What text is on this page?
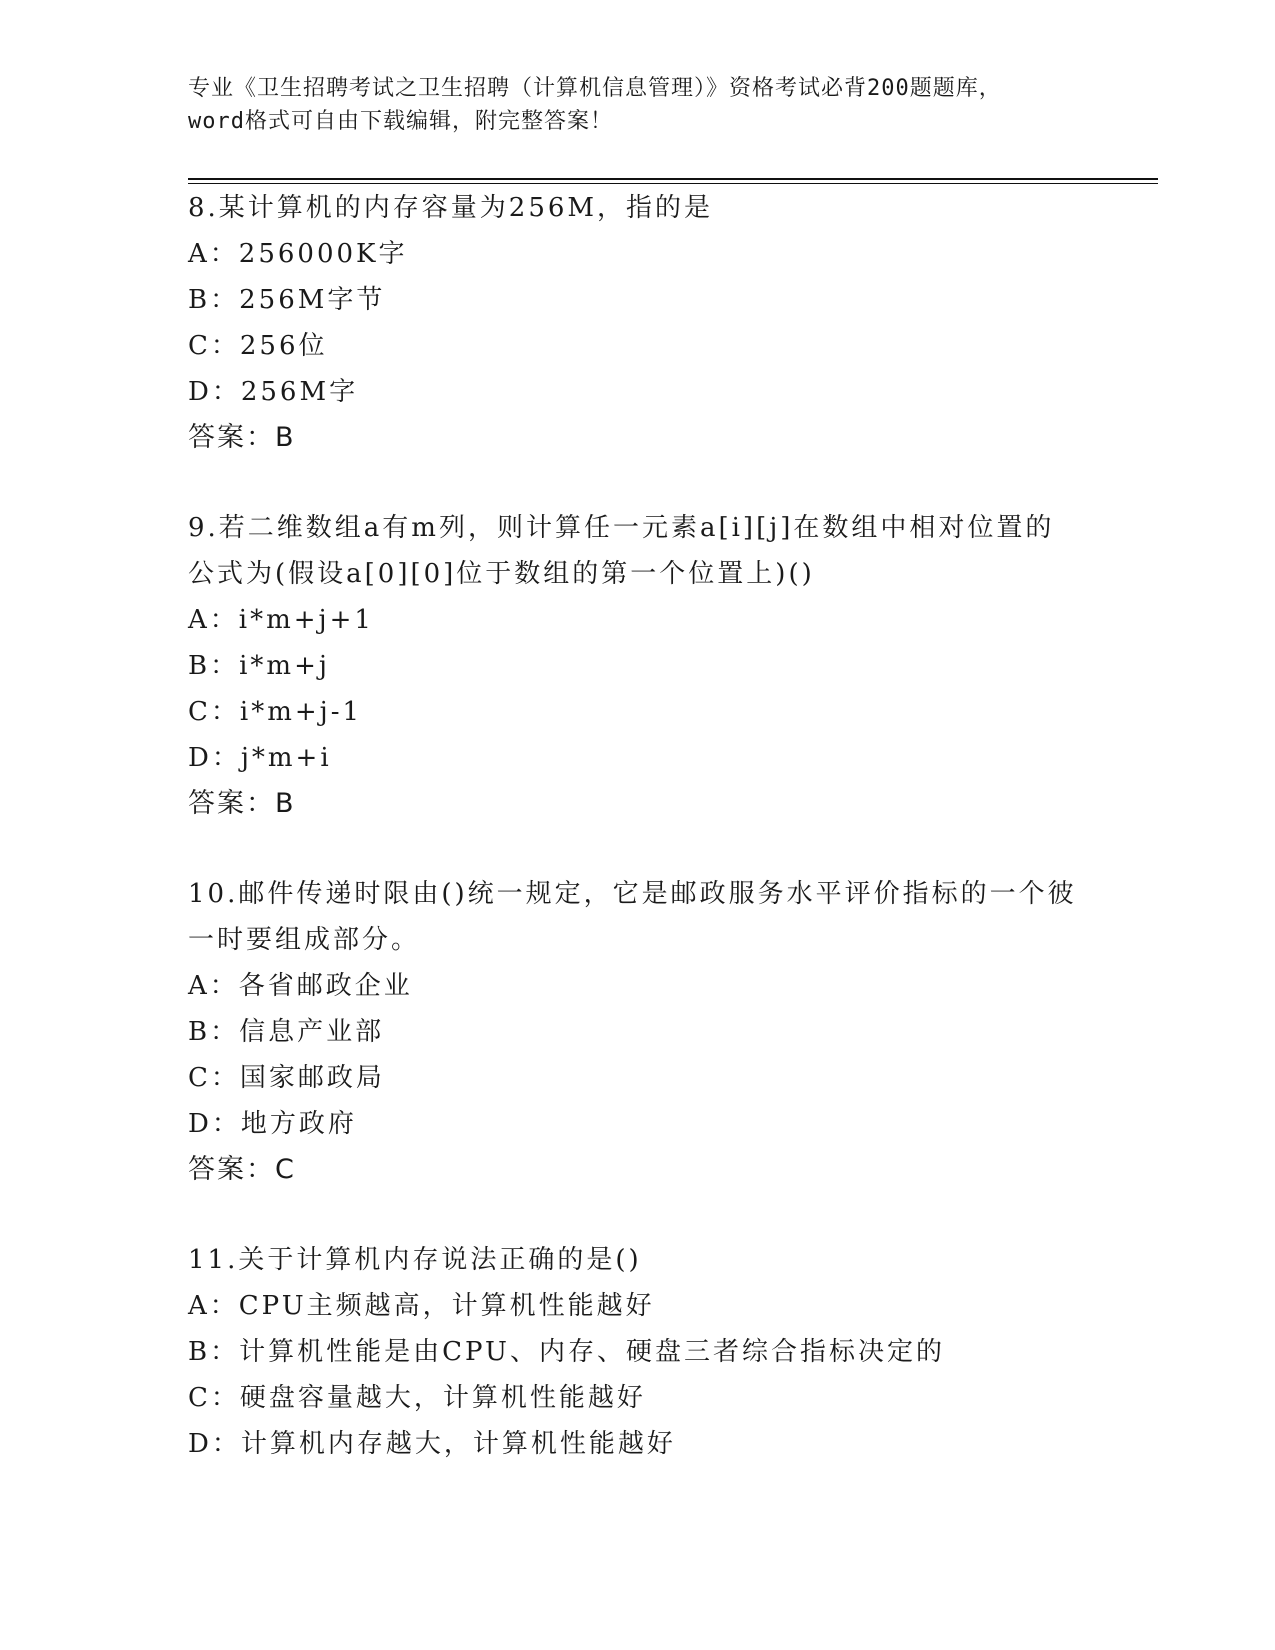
专业《卫生招聘考试之卫生招聘（计算机信息管理）》资格考试必背200题题库，
word格式可自由下载编辑，附完整答案！
8.某计算机的内存容量为256M，指的是
A：256000K字
B：256M字节
C：256位
D：256M字
答案：B
9.若二维数组a有m列，则计算任一元素a[i][j]在数组中相对位置的
公式为(假设a[0][0]位于数组的第一个位置上)()
A：i*m+j+1
B：i*m+j
C：i*m+j-1
D：j*m+i
答案：B
10.邮件传递时限由()统一规定，它是邮政服务水平评价指标的一个彼
一时要组成部分。
A：各省邮政企业
B：信息产业部
C：国家邮政局
D：地方政府
答案：C
11.关于计算机内存说法正确的是()
A：CPU主频越高，计算机性能越好
B：计算机性能是由CPU、内存、硬盘三者综合指标决定的
C：硬盘容量越大，计算机性能越好
D：计算机内存越大，计算机性能越好
